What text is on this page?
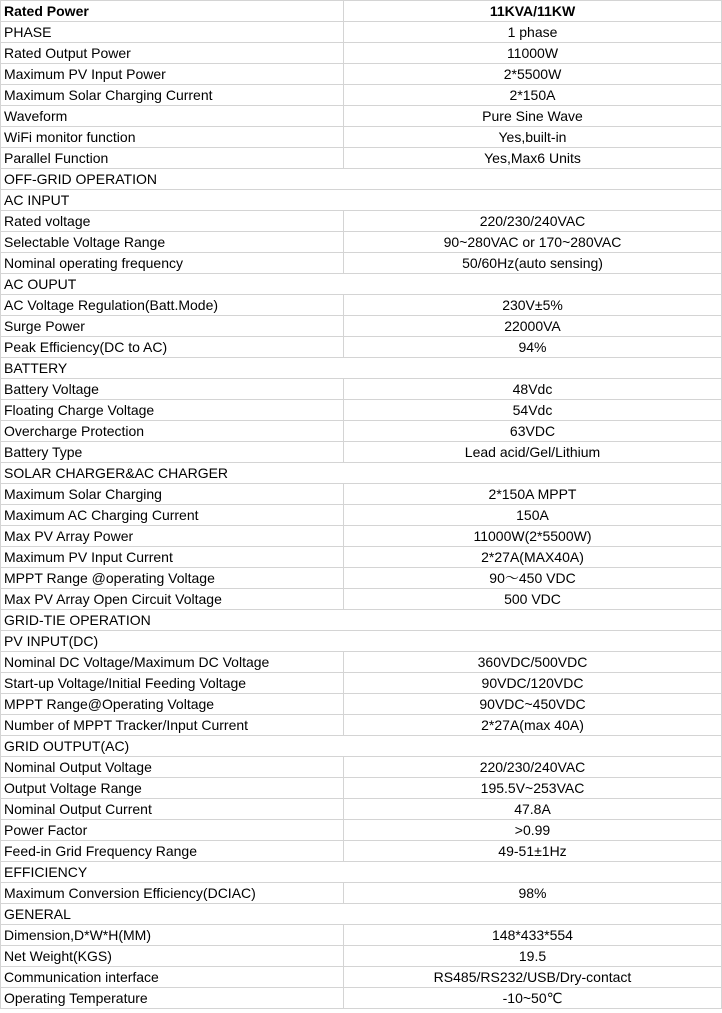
Rated Power	11KVA/11KW
PHASE	1 phase
Rated Output Power	11000W
Maximum PV Input Power	2*5500W
Maximum Solar Charging Current	2*150A
Waveform	Pure Sine Wave
WiFi monitor function	Yes,built-in
Parallel Function	Yes,Max6 Units
OFF-GRID OPERATION	
AC INPUT	
Rated voltage	220/230/240VAC
Selectable Voltage Range	90~280VAC or 170~280VAC
Nominal operating frequency	50/60Hz(auto sensing)
AC OUPUT	
AC Voltage Regulation(Batt.Mode)	230V±5%
Surge Power	22000VA
Peak Efficiency(DC to AC)	94%
BATTERY	
Battery Voltage	48Vdc
Floating Charge Voltage	54Vdc
Overcharge Protection	63VDC
Battery Type	Lead acid/Gel/Lithium
SOLAR CHARGER&AC CHARGER	
Maximum Solar Charging	2*150A MPPT
Maximum AC Charging Current	150A
Max PV Array Power	11000W(2*5500W)
Maximum PV Input Current	2*27A(MAX40A)
MPPT Range @operating Voltage	90～450 VDC
Max PV Array Open Circuit Voltage	500 VDC
GRID-TIE OPERATION	
PV INPUT(DC)	
Nominal DC Voltage/Maximum DC Voltage	360VDC/500VDC
Start-up Voltage/Initial Feeding Voltage	90VDC/120VDC
MPPT Range@Operating Voltage	90VDC~450VDC
Number of MPPT Tracker/Input Current	2*27A(max 40A)
GRID OUTPUT(AC)	
Nominal Output Voltage	220/230/240VAC
Output Voltage Range	195.5V~253VAC
Nominal Output Current	47.8A
Power Factor	>0.99
Feed-in Grid Frequency Range	49-51±1Hz
EFFICIENCY	
Maximum Conversion Efficiency(DCIAC)	98%
GENERAL	
Dimension,D*W*H(MM)	148*433*554
Net Weight(KGS)	19.5
Communication interface	RS485/RS232/USB/Dry-contact
Operating Temperature	-10~50℃
